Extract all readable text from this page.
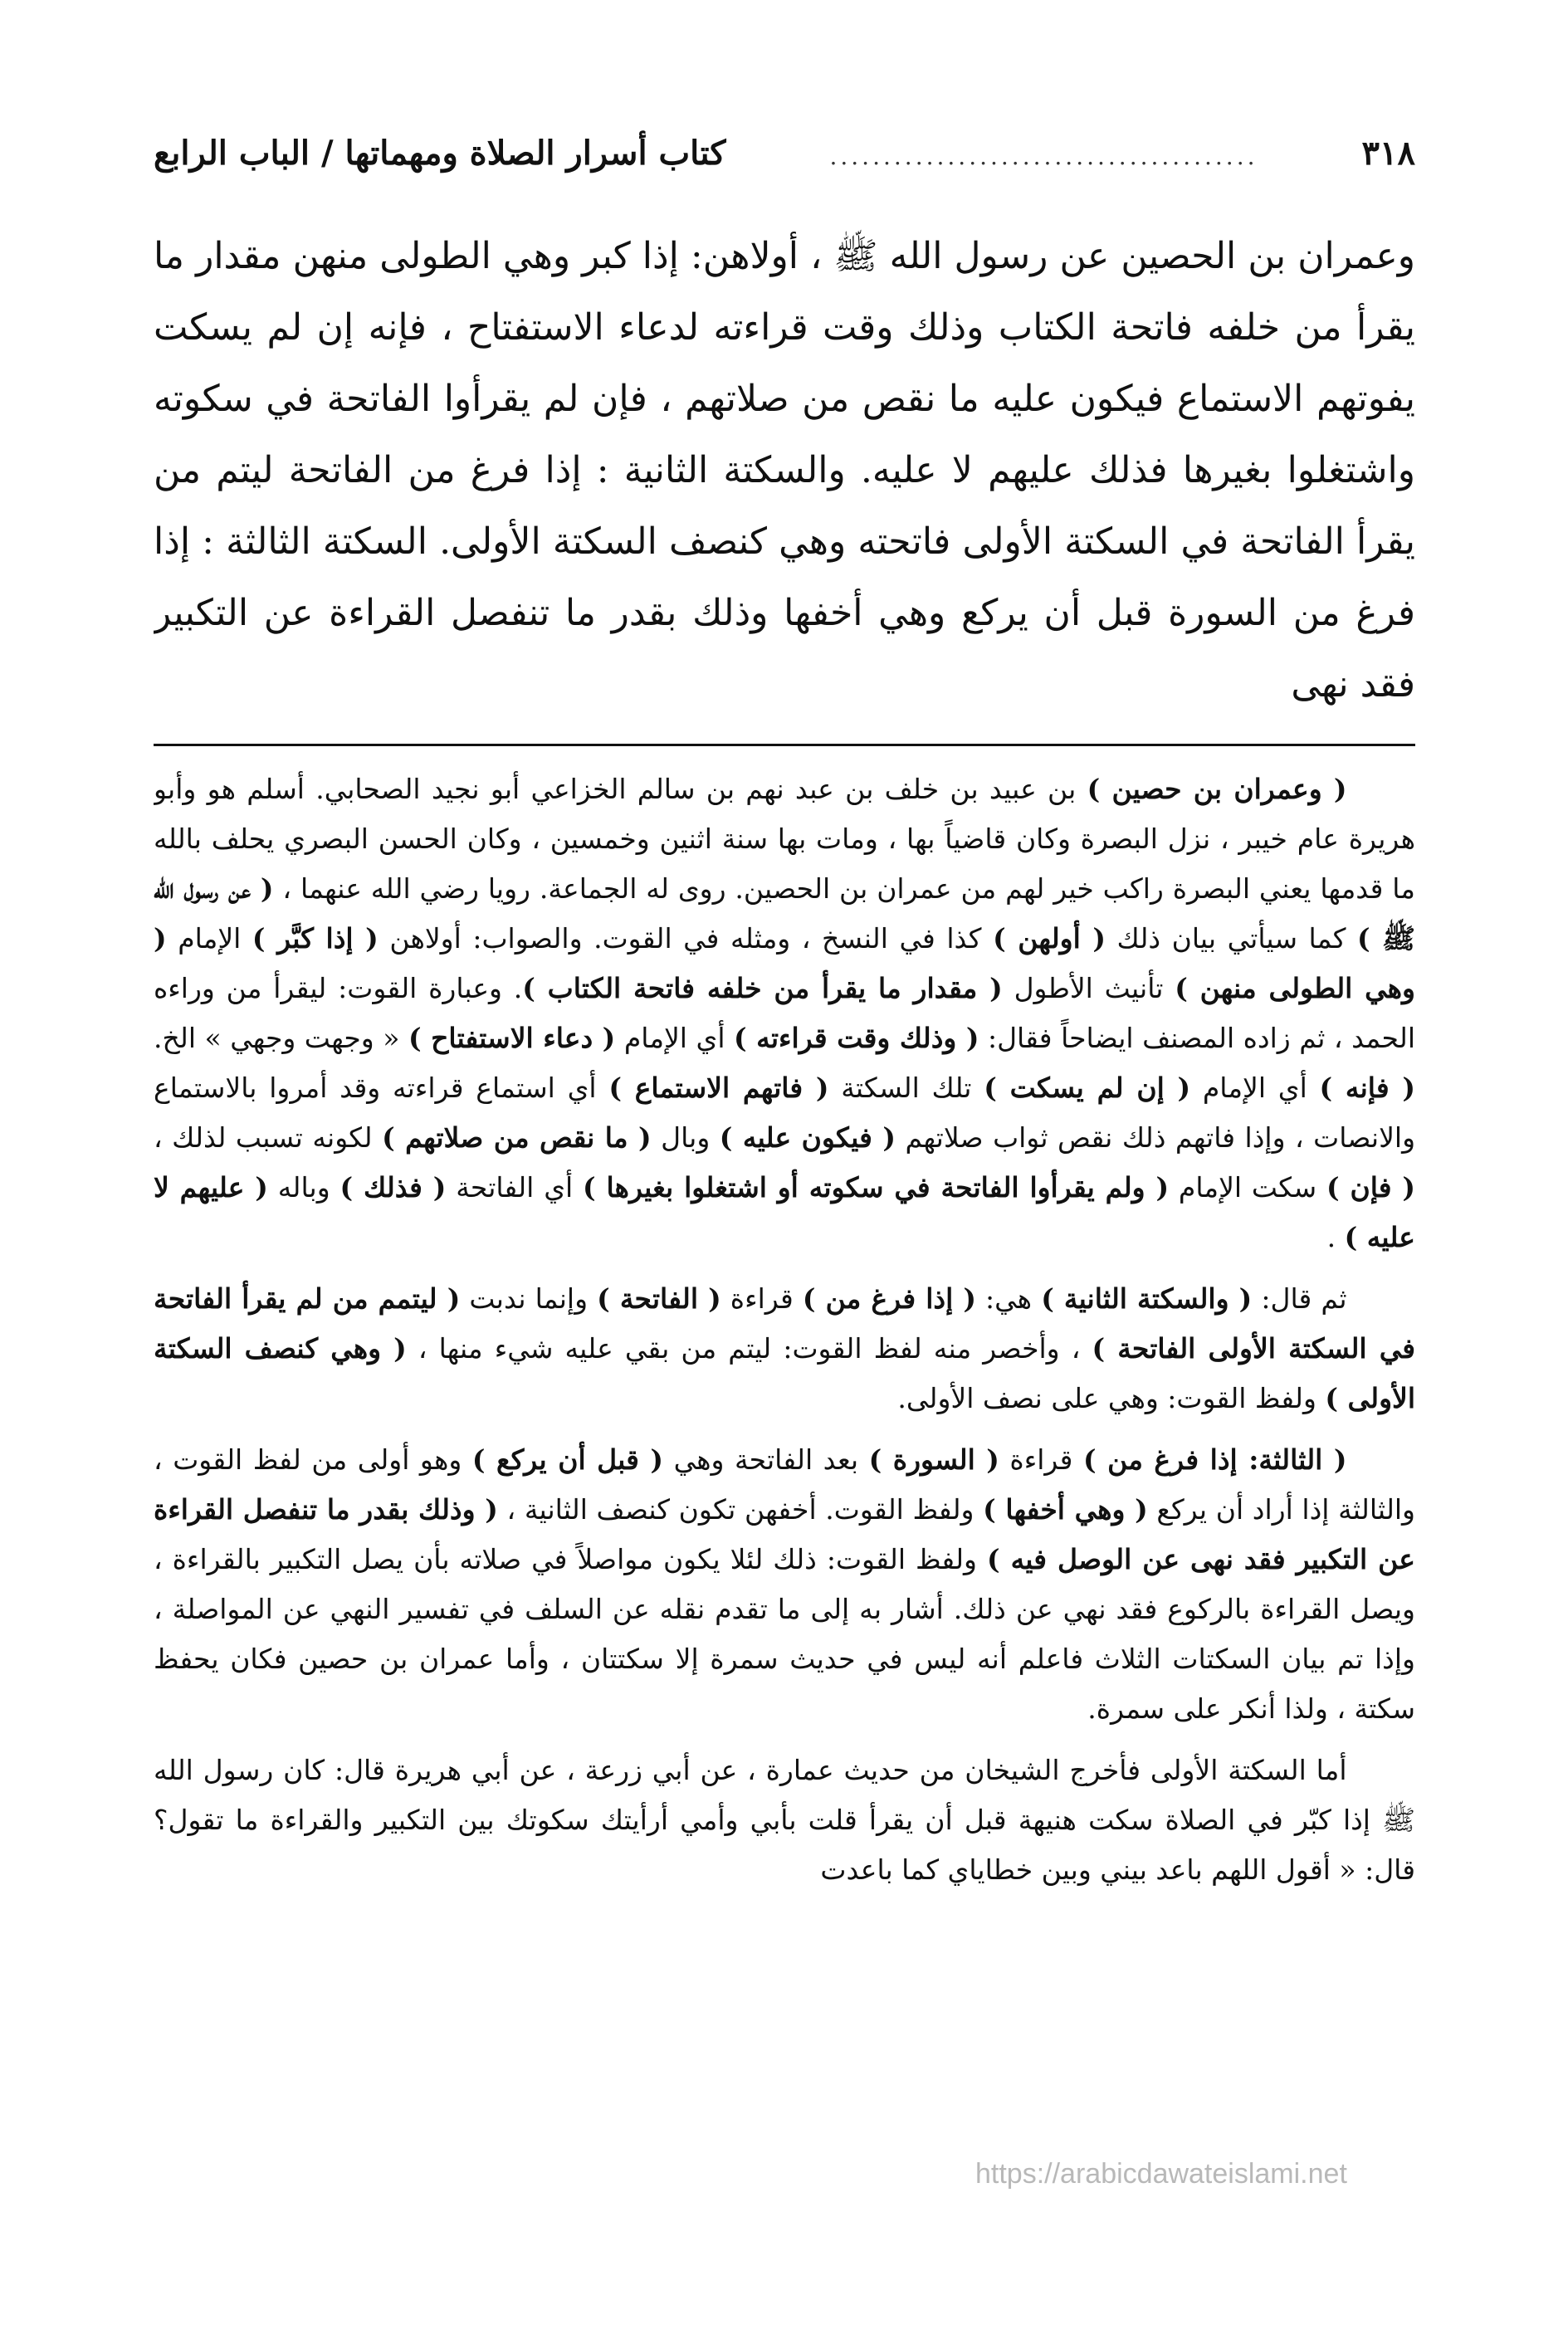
٣١٨
........................................
كتاب أسرار الصلاة ومهماتها / الباب الرابع
وعمران بن الحصين عن رسول الله ﷺ ، أولاهن: إذا كبر وهي الطولى منهن مقدار ما يقرأ من خلفه فاتحة الكتاب وذلك وقت قراءته لدعاء الاستفتاح ، فإنه إن لم يسكت يفوتهم الاستماع فيكون عليه ما نقص من صلاتهم ، فإن لم يقرأوا الفاتحة في سكوته واشتغلوا بغيرها فذلك عليهم لا عليه. والسكتة الثانية : إذا فرغ من الفاتحة ليتم من يقرأ الفاتحة في السكتة الأولى فاتحته وهي كنصف السكتة الأولى. السكتة الثالثة : إذا فرغ من السورة قبل أن يركع وهي أخفها وذلك بقدر ما تنفصل القراءة عن التكبير فقد نهى

( وعمران بن حصين ) بن عبيد بن خلف بن عبد نهم بن سالم الخزاعي أبو نجيد الصحابي. أسلم هو وأبو هريرة عام خيبر ، نزل البصرة وكان قاضياً بها ، ومات بها سنة اثنين وخمسين ، وكان الحسن البصري يحلف بالله ما قدمها يعني البصرة راكب خير لهم من عمران بن الحصين. روى له الجماعة. رويا رضي الله عنهما ، ( عن رسول الله ﷺ ) كما سيأتي بيان ذلك ( أولهن ) كذا في النسخ ، ومثله في القوت. والصواب: أولاهن ( إذا كبَّر ) الإمام ( وهي الطولى منهن ) تأنيث الأطول ( مقدار ما يقرأ من خلفه فاتحة الكتاب ). وعبارة القوت: ليقرأ من وراءه الحمد ، ثم زاده المصنف ايضاحاً فقال: ( وذلك وقت قراءته ) أي الإمام ( دعاء الاستفتاح ) « وجهت وجهي » الخ. ( فإنه ) أي الإمام ( إن لم يسكت ) تلك السكتة ( فاتهم الاستماع ) أي استماع قراءته وقد أمروا بالاستماع والانصات ، وإذا فاتهم ذلك نقص ثواب صلاتهم ( فيكون عليه ) وبال ( ما نقص من صلاتهم ) لكونه تسبب لذلك ، ( فإن ) سكت الإمام ( ولم يقرأوا الفاتحة في سكوته أو اشتغلوا بغيرها ) أي الفاتحة ( فذلك ) وباله ( عليهم لا عليه ) .

ثم قال: ( والسكتة الثانية ) هي: ( إذا فرغ من ) قراءة ( الفاتحة ) وإنما ندبت ( ليتمم من لم يقرأ الفاتحة في السكتة الأولى الفاتحة ) ، وأخصر منه لفظ القوت: ليتم من بقي عليه شيء منها ، ( وهي كنصف السكتة الأولى ) ولفظ القوت: وهي على نصف الأولى.

( الثالثة: إذا فرغ من ) قراءة ( السورة ) بعد الفاتحة وهي ( قبل أن يركع ) وهو أولى من لفظ القوت ، والثالثة إذا أراد أن يركع ( وهي أخفها ) ولفظ القوت. أخفهن تكون كنصف الثانية ، ( وذلك بقدر ما تنفصل القراءة عن التكبير فقد نهى عن الوصل فيه ) ولفظ القوت: ذلك لئلا يكون مواصلاً في صلاته بأن يصل التكبير بالقراءة ، ويصل القراءة بالركوع فقد نهي عن ذلك. أشار به إلى ما تقدم نقله عن السلف في تفسير النهي عن المواصلة ، وإذا تم بيان السكتات الثلاث فاعلم أنه ليس في حديث سمرة إلا سكتتان ، وأما عمران بن حصين فكان يحفظ سكتة ، ولذا أنكر على سمرة.

أما السكتة الأولى فأخرج الشيخان من حديث عمارة ، عن أبي زرعة ، عن أبي هريرة قال: كان رسول الله ﷺ إذا كبّر في الصلاة سكت هنيهة قبل أن يقرأ قلت بأبي وأمي أرأيتك سكوتك بين التكبير والقراءة ما تقول؟ قال: « أقول اللهم باعد بيني وبين خطاياي كما باعدت

https://arabicdawateislami.net
